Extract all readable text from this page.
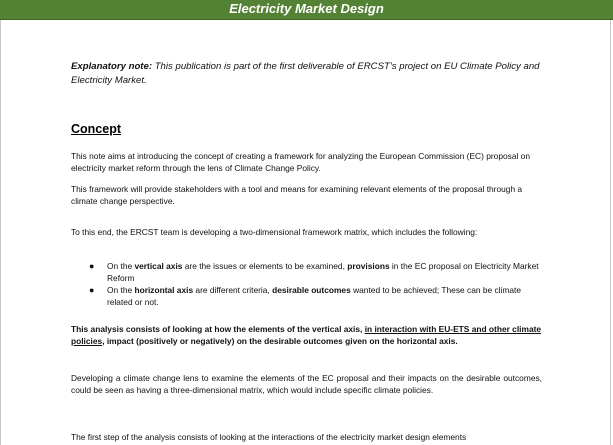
Electricity Market Design

Explanatory note: This publication is part of the first deliverable of ERCST’s project on EU Climate Policy and Electricity Market.

Concept

This note aims at introducing the concept of creating a framework for analyzing the European Commission (EC) proposal on electricity market reform through the lens of Climate Change Policy.

This framework will provide stakeholders with a tool and means for examining relevant elements of the proposal through a climate change perspective.

To this end, the ERCST team is developing a two-dimensional framework matrix, which includes the following:

● On the vertical axis are the issues or elements to be examined, provisions in the EC proposal on Electricity Market Reform
● On the horizontal axis are different criteria, desirable outcomes wanted to be achieved; These can be climate related or not.

This analysis consists of looking at how the elements of the vertical axis, in interaction with EU-ETS and other climate policies, impact (positively or negatively) on the desirable outcomes given on the horizontal axis.

Developing a climate change lens to examine the elements of the EC proposal and their impacts on the desirable outcomes, could be seen as having a three-dimensional matrix, which would include specific climate policies.

The first step of the analysis consists of looking at the interactions of the electricity market design elements
